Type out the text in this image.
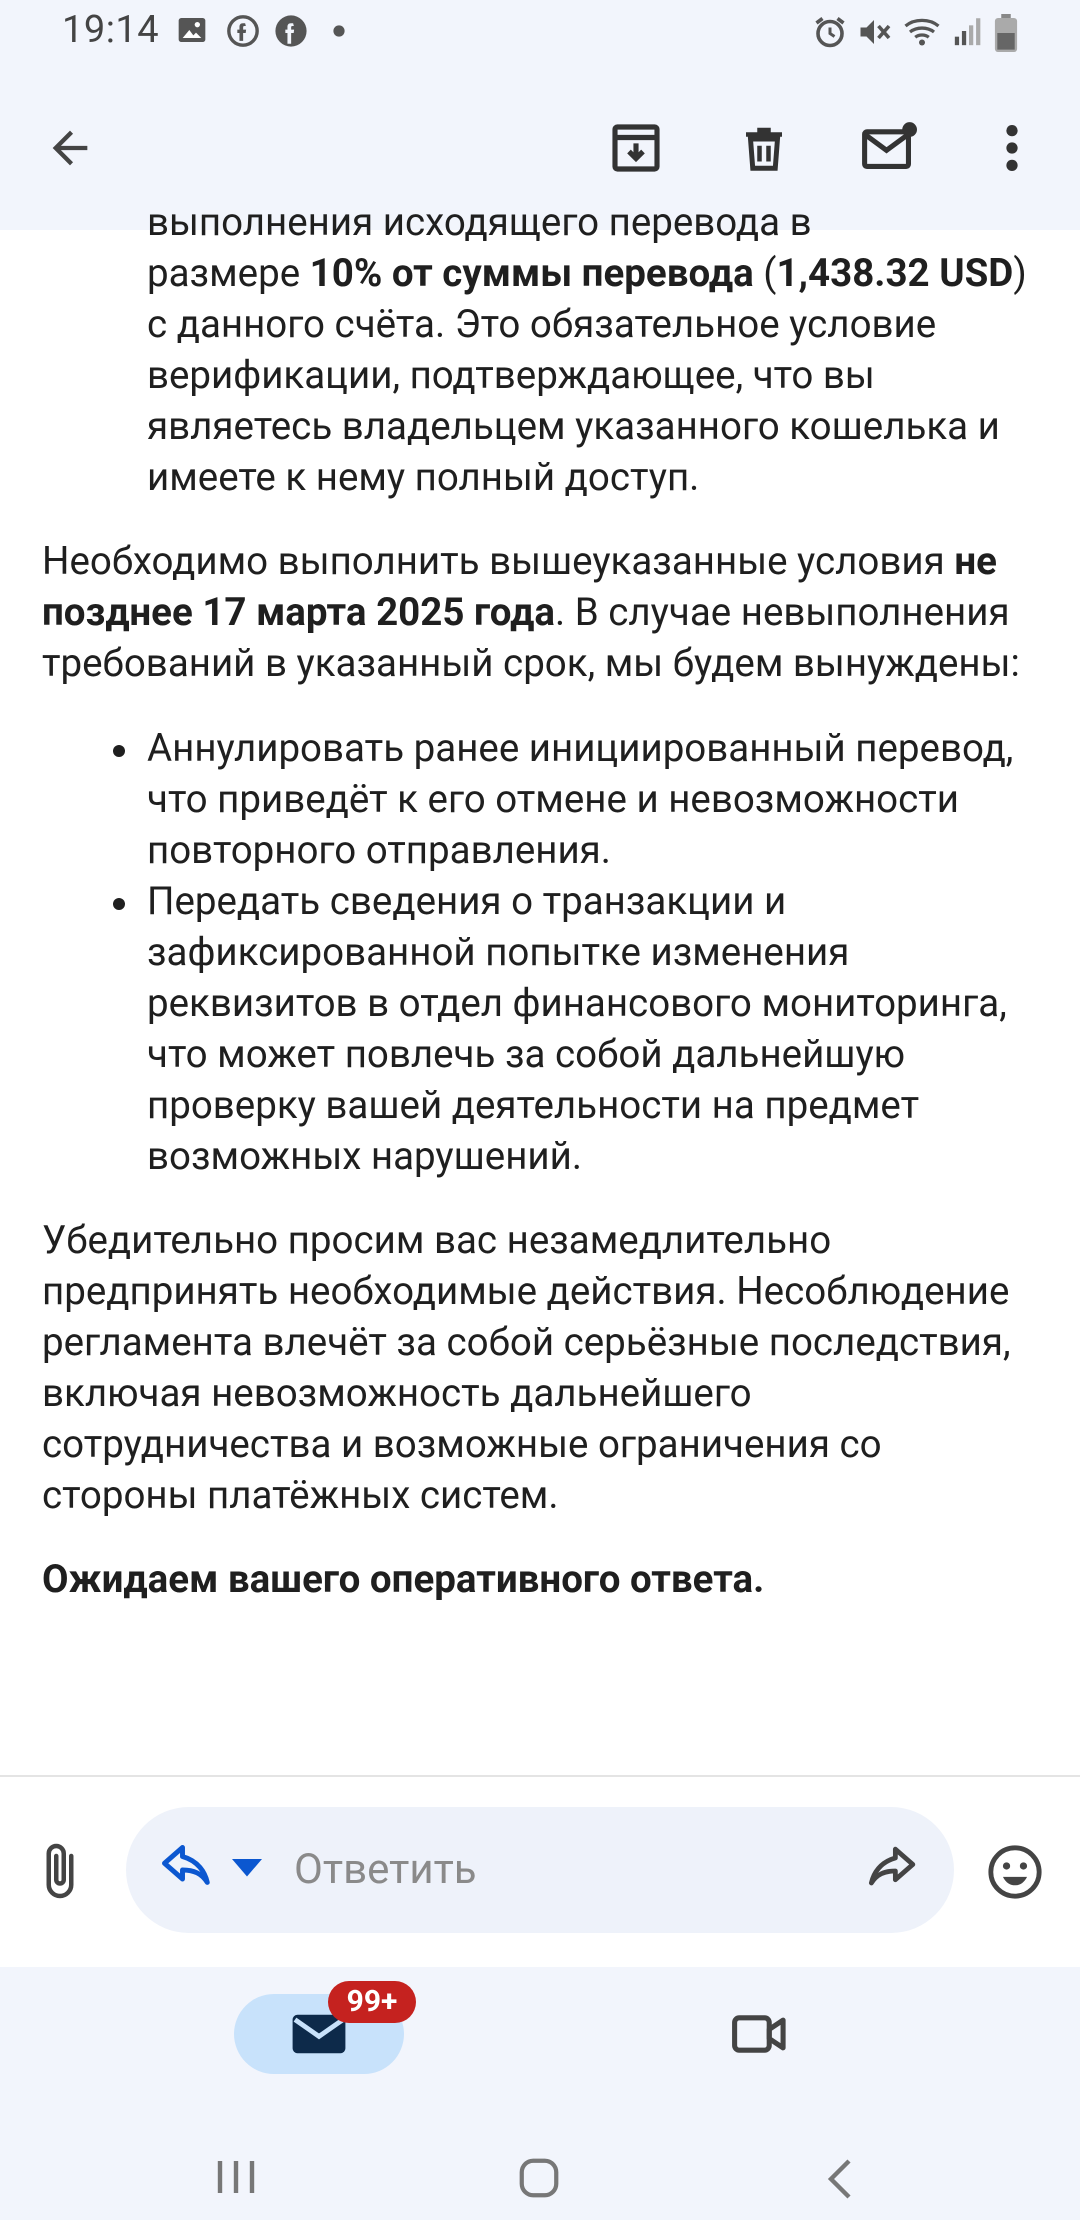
19:14

выполнения исходящего перевода в

размере 10% от суммы перевода (1,438.32 USD) с данного счёта. Это обязательное условие верификации, подтверждающее, что вы являетесь владельцем указанного кошелька и имеете к нему полный доступ.

Необходимо выполнить вышеуказанные условия не позднее 17 марта 2025 года. В случае невыполнения требований в указанный срок, мы будем вынуждены:

Аннулировать ранее инициированный перевод, что приведёт к его отмене и невозможности повторного отправления.
Передать сведения о транзакции и зафиксированной попытке изменения реквизитов в отдел финансового мониторинга, что может повлечь за собой дальнейшую проверку вашей деятельности на предмет возможных нарушений.

Убедительно просим вас незамедлительно предпринять необходимые действия. Несоблюдение регламента влечёт за собой серьёзные последствия, включая невозможность дальнейшего сотрудничества и возможные ограничения со стороны платёжных систем.

Ожидаем вашего оперативного ответа.

Ответить
99+
